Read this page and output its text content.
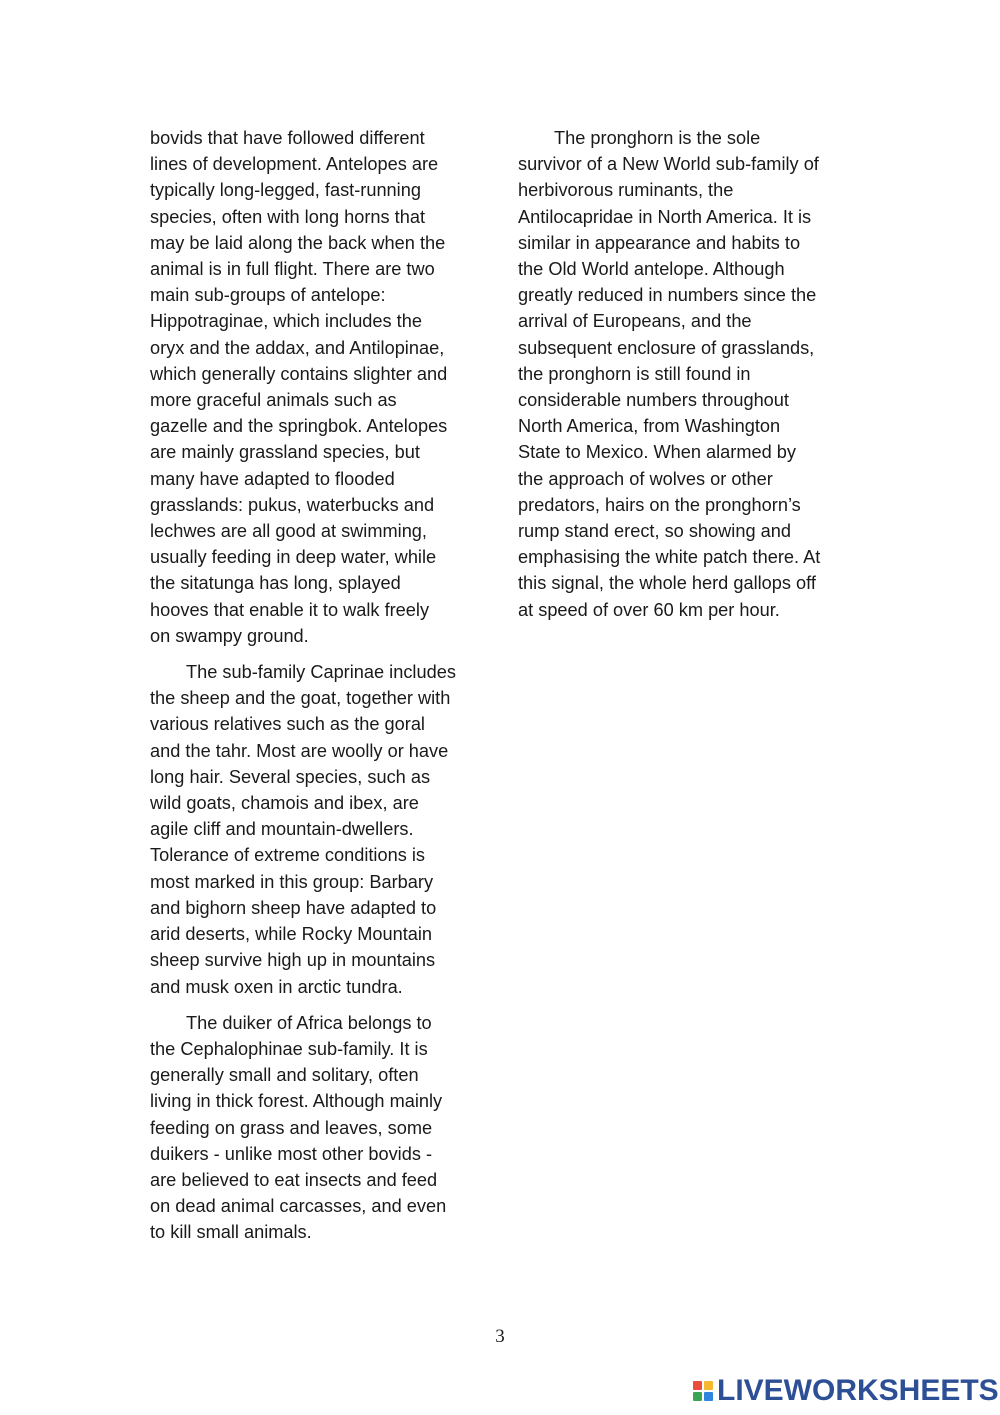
bovids that have followed different
lines of development. Antelopes are
typically long-legged, fast-running
species, often with long horns that
may be laid along the back when the
animal is in full flight. There are two
main sub-groups of antelope:
Hippotraginae, which includes the
oryx and the addax, and Antilopinae,
which generally contains slighter and
more graceful animals such as
gazelle and the springbok. Antelopes
are mainly grassland species, but
many have adapted to flooded
grasslands: pukus, waterbucks and
lechwes are all good at swimming,
usually feeding in deep water, while
the sitatunga has long, splayed
hooves that enable it to walk freely
on swampy ground.
The sub-family Caprinae includes
the sheep and the goat, together with
various relatives such as the goral
and the tahr. Most are woolly or have
long hair. Several species, such as
wild goats, chamois and ibex, are
agile cliff and mountain-dwellers.
Tolerance of extreme conditions is
most marked in this group: Barbary
and bighorn sheep have adapted to
arid deserts, while Rocky Mountain
sheep survive high up in mountains
and musk oxen in arctic tundra.
The duiker of Africa belongs to
the Cephalophinae sub-family. It is
generally small and solitary, often
living in thick forest. Although mainly
feeding on grass and leaves, some
duikers - unlike most other bovids -
are believed to eat insects and feed
on dead animal carcasses, and even
to kill small animals.
The pronghorn is the sole
survivor of a New World sub-family of
herbivorous ruminants, the
Antilocapridae in North America. It is
similar in appearance and habits to
the Old World antelope. Although
greatly reduced in numbers since the
arrival of Europeans, and the
subsequent enclosure of grasslands,
the pronghorn is still found in
considerable numbers throughout
North America, from Washington
State to Mexico. When alarmed by
the approach of wolves or other
predators, hairs on the pronghorn’s
rump stand erect, so showing and
emphasising the white patch there. At
this signal, the whole herd gallops off
at speed of over 60 km per hour.
3
LIVEWORKSHEETS
